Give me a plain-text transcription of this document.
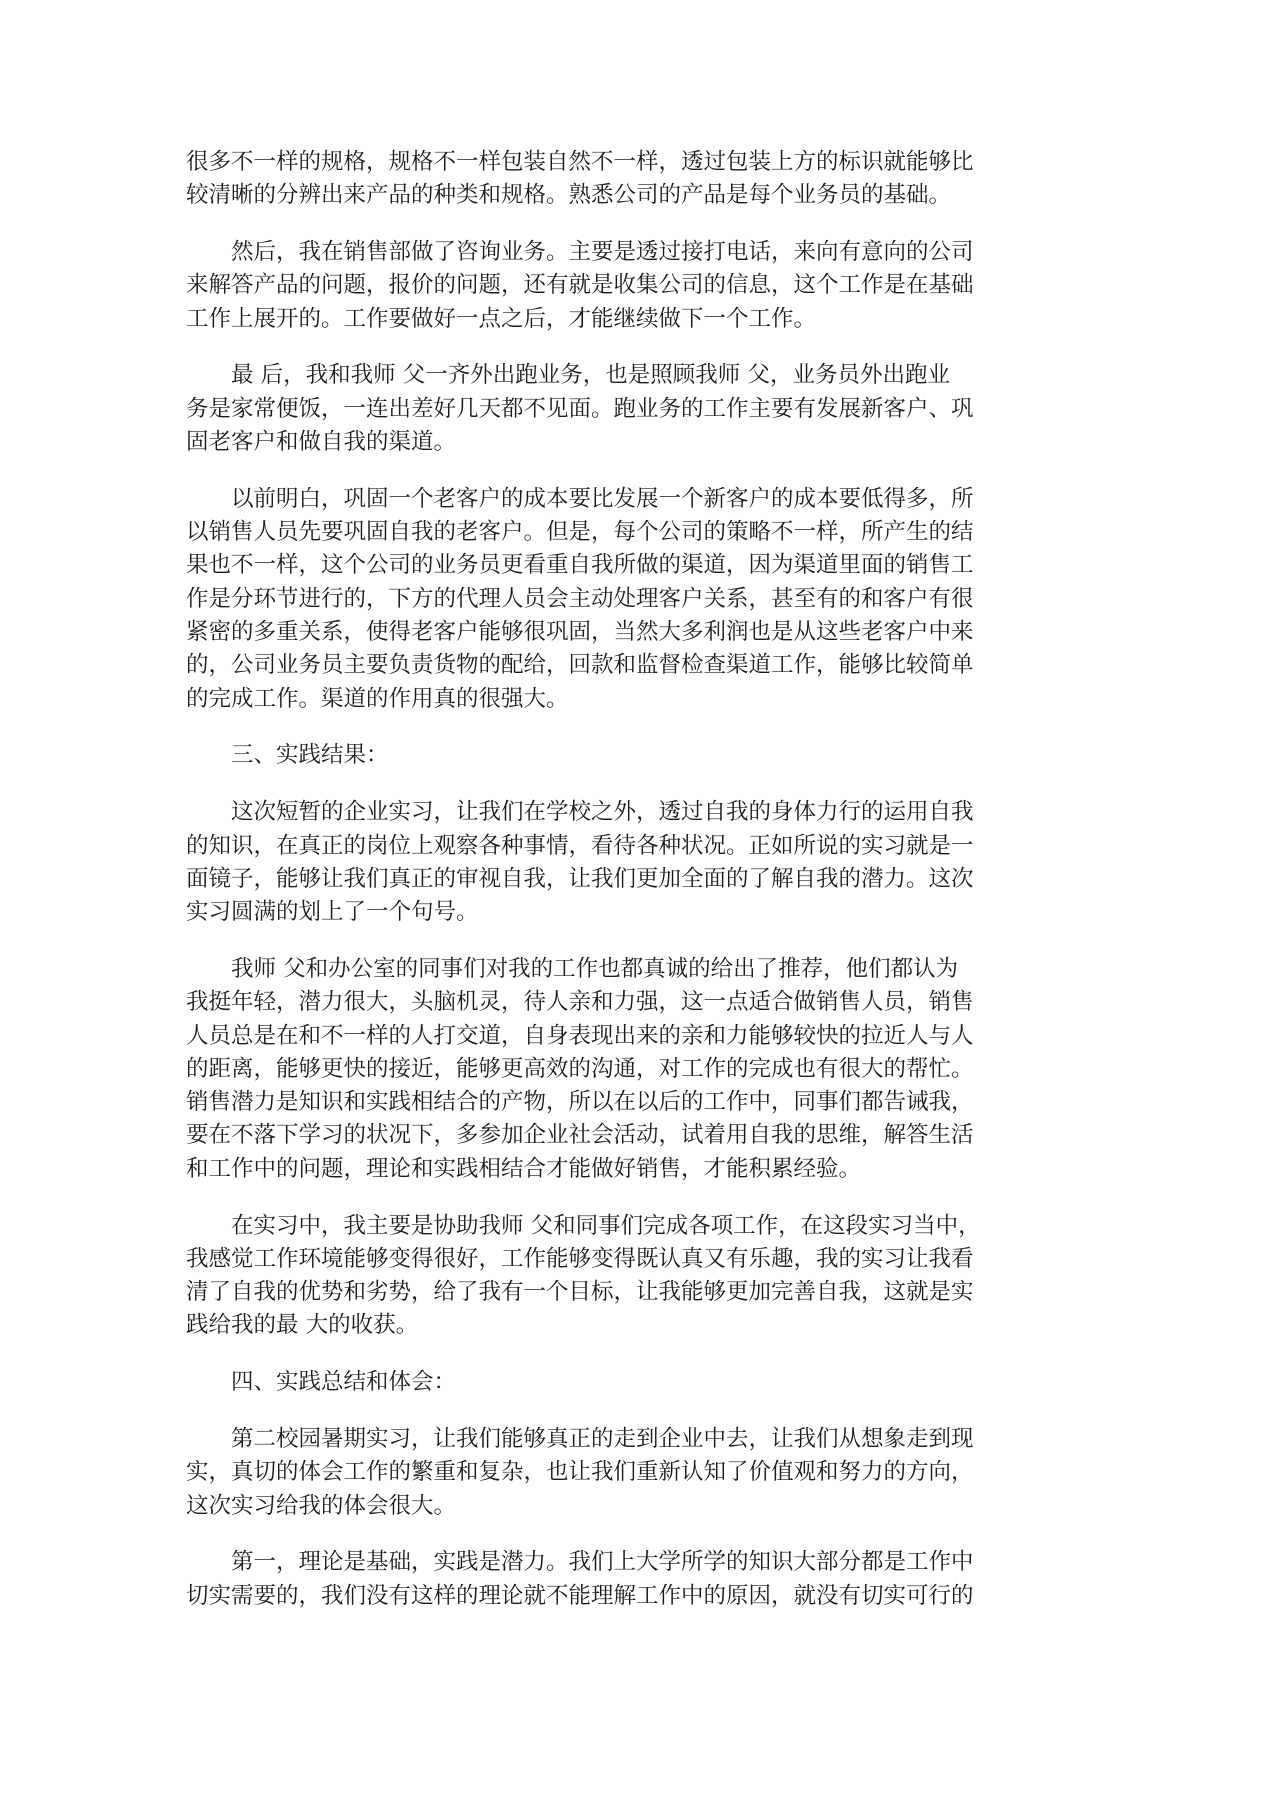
很多不一样的规格，规格不一样包装自然不一样，透过包装上方的标识就能够比
较清晰的分辨出来产品的种类和规格。熟悉公司的产品是每个业务员的基础。
然后，我在销售部做了咨询业务。主要是透过接打电话，来向有意向的公司
来解答产品的问题，报价的问题，还有就是收集公司的信息，这个工作是在基础
工作上展开的。工作要做好一点之后，才能继续做下一个工作。
最 后，我和我师 父一齐外出跑业务，也是照顾我师 父，业务员外出跑业
务是家常便饭，一连出差好几天都不见面。跑业务的工作主要有发展新客户、巩
固老客户和做自我的渠道。
以前明白，巩固一个老客户的成本要比发展一个新客户的成本要低得多，所
以销售人员先要巩固自我的老客户。但是，每个公司的策略不一样，所产生的结
果也不一样，这个公司的业务员更看重自我所做的渠道，因为渠道里面的销售工
作是分环节进行的，下方的代理人员会主动处理客户关系，甚至有的和客户有很
紧密的多重关系，使得老客户能够很巩固，当然大多利润也是从这些老客户中来
的，公司业务员主要负责货物的配给，回款和监督检查渠道工作，能够比较简单
的完成工作。渠道的作用真的很强大。
三、实践结果：
这次短暂的企业实习，让我们在学校之外，透过自我的身体力行的运用自我
的知识，在真正的岗位上观察各种事情，看待各种状况。正如所说的实习就是一
面镜子，能够让我们真正的审视自我，让我们更加全面的了解自我的潜力。这次
实习圆满的划上了一个句号。
我师 父和办公室的同事们对我的工作也都真诚的给出了推荐，他们都认为
我挺年轻，潜力很大，头脑机灵，待人亲和力强，这一点适合做销售人员，销售
人员总是在和不一样的人打交道，自身表现出来的亲和力能够较快的拉近人与人
的距离，能够更快的接近，能够更高效的沟通，对工作的完成也有很大的帮忙。
销售潜力是知识和实践相结合的产物，所以在以后的工作中，同事们都告诫我，
要在不落下学习的状况下，多参加企业社会活动，试着用自我的思维，解答生活
和工作中的问题，理论和实践相结合才能做好销售，才能积累经验。
在实习中，我主要是协助我师 父和同事们完成各项工作，在这段实习当中，
我感觉工作环境能够变得很好，工作能够变得既认真又有乐趣，我的实习让我看
清了自我的优势和劣势，给了我有一个目标，让我能够更加完善自我，这就是实
践给我的最 大的收获。
四、实践总结和体会：
第二校园暑期实习，让我们能够真正的走到企业中去，让我们从想象走到现
实，真切的体会工作的繁重和复杂，也让我们重新认知了价值观和努力的方向，
这次实习给我的体会很大。
第一，理论是基础，实践是潜力。我们上大学所学的知识大部分都是工作中
切实需要的，我们没有这样的理论就不能理解工作中的原因，就没有切实可行的
